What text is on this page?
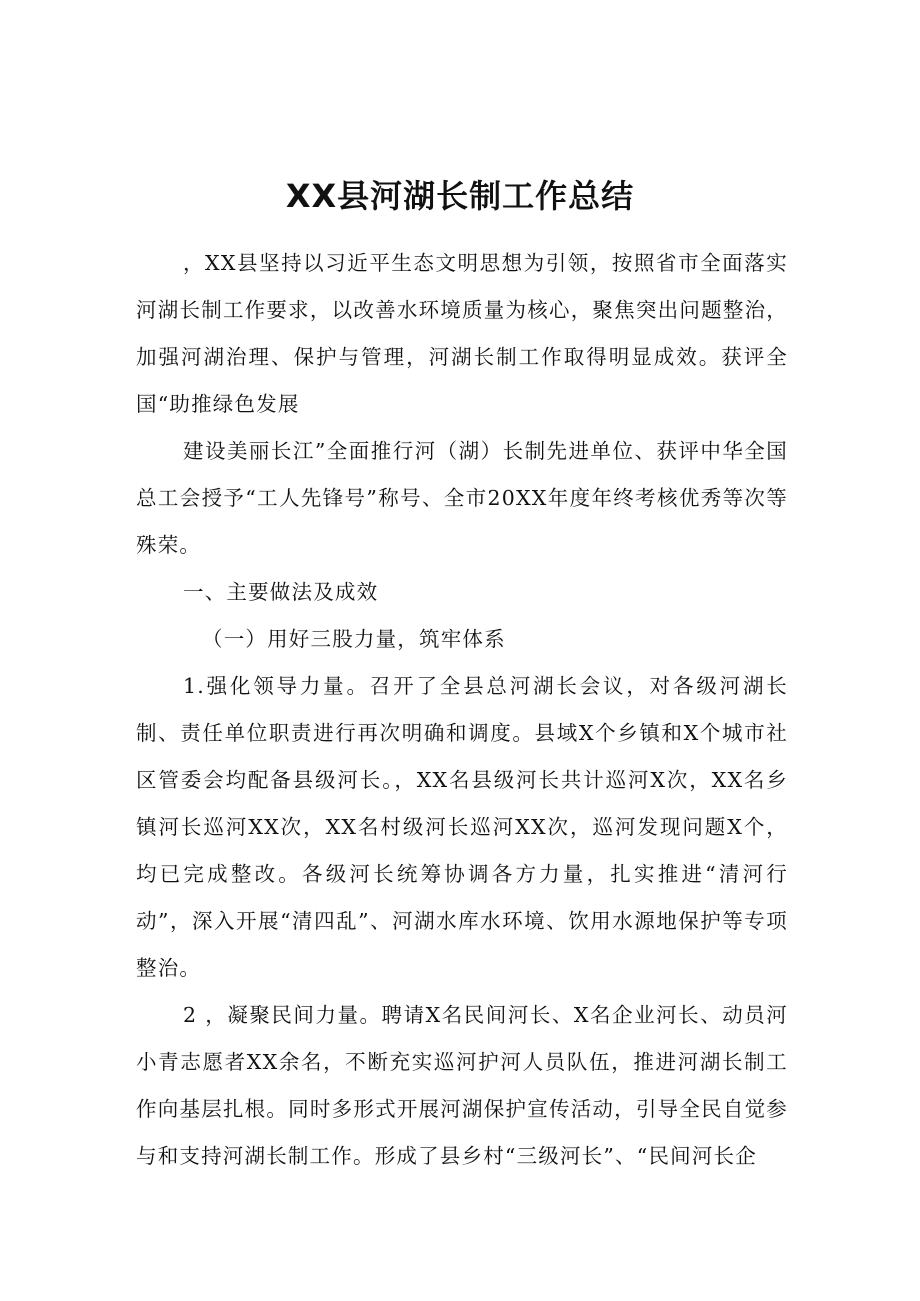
XX县河湖长制工作总结

，XX县坚持以习近平生态文明思想为引领，按照省市全面落实河湖长制工作要求，以改善水环境质量为核心，聚焦突出问题整治，加强河湖治理、保护与管理，河湖长制工作取得明显成效。获评全国“助推绿色发展

建设美丽长江”全面推行河（湖）长制先进单位、获评中华全国总工会授予“工人先锋号”称号、全市20XX年度年终考核优秀等次等殊荣。

一、主要做法及成效

（一）用好三股力量，筑牢体系

1.强化领导力量。召开了全县总河湖长会议，对各级河湖长制、责任单位职责进行再次明确和调度。县域X个乡镇和X个城市社区管委会均配备县级河长。，XX名县级河长共计巡河X次，XX名乡镇河长巡河XX次，XX名村级河长巡河XX次，巡河发现问题X个，均已完成整改。各级河长统筹协调各方力量，扎实推进“清河行动”，深入开展“清四乱”、河湖水库水环境、饮用水源地保护等专项整治。

2 ，凝聚民间力量。聘请X名民间河长、X名企业河长、动员河小青志愿者XX余名，不断充实巡河护河人员队伍，推进河湖长制工作向基层扎根。同时多形式开展河湖保护宣传活动，引导全民自觉参与和支持河湖长制工作。形成了县乡村“三级河长”、“民间河长企
